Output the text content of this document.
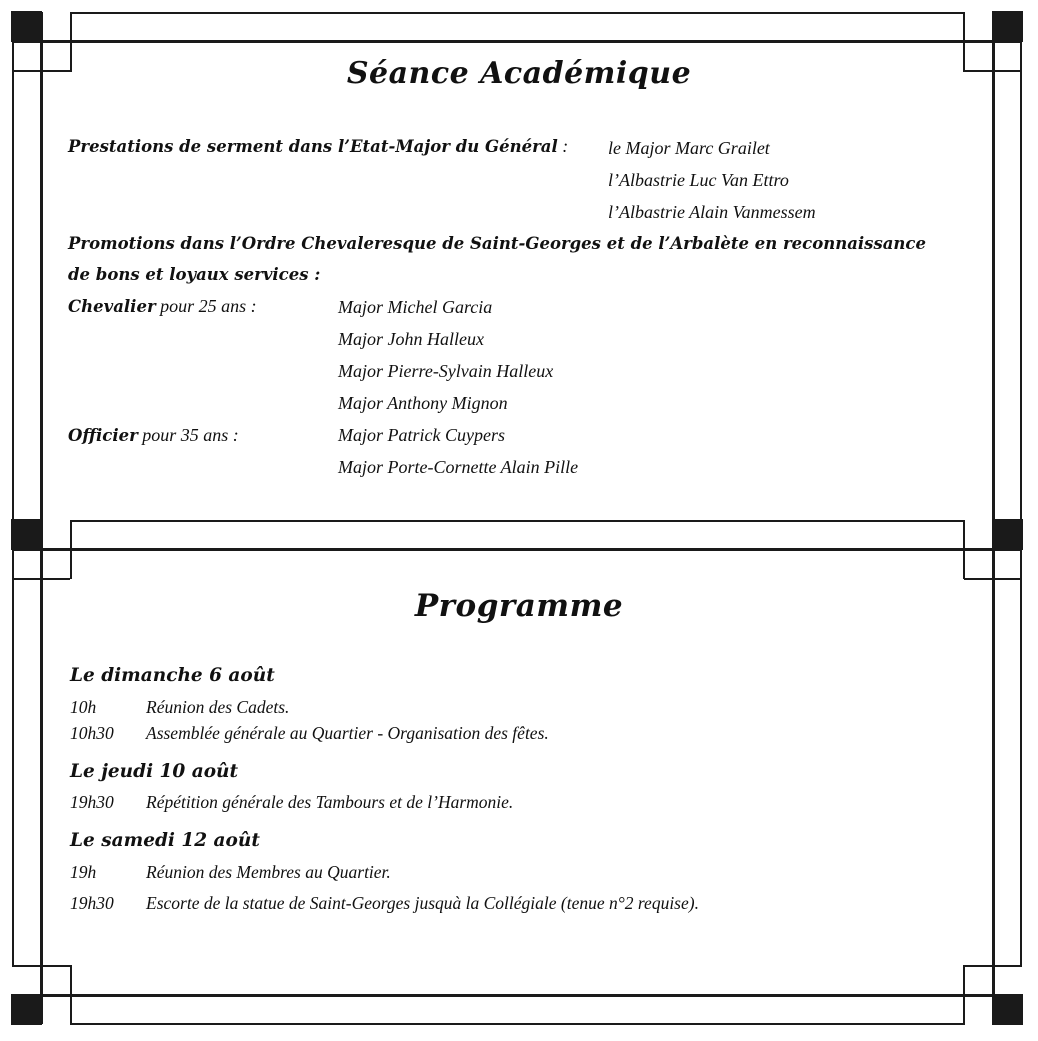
Séance Académique
Prestations de serment dans l’Etat-Major du Général : le Major Marc Grailet
l’Albastrie Luc Van Ettro
l’Albastrie Alain Vanmessem
Promotions dans l’Ordre Chevaleresque de Saint-Georges et de l’Arbalète en reconnaissance
de bons et loyaux services :
Chevalier pour 25 ans :	Major Michel Garcia
Major John Halleux
Major Pierre-Sylvain Halleux
Major Anthony Mignon
Officier pour 35 ans :	Major Patrick Cuypers
Major Porte-Cornette Alain Pille
Programme
Le dimanche 6 août
10h	Réunion des Cadets.
10h30 Assemblée générale au Quartier - Organisation des fêtes.
Le jeudi 10 août
19h30 Répétition générale des Tambours et de l’Harmonie.
Le samedi 12 août
19h	Réunion des Membres au Quartier.
19h30 Escorte de la statue de Saint-Georges jusquà la Collégiale (tenue n°2 requise).
